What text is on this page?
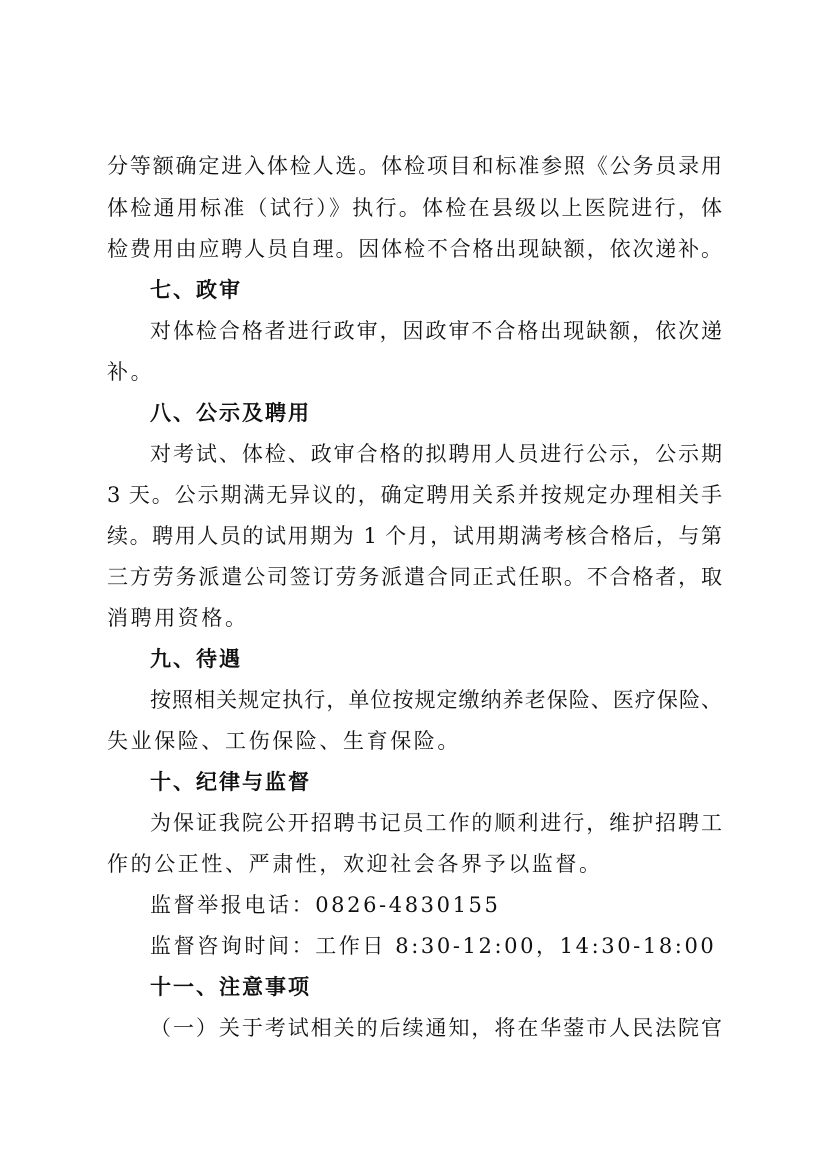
分等额确定进入体检人选。体检项目和标准参照《公务员录用
体检通用标准（试行）》执行。体检在县级以上医院进行，体
检费用由应聘人员自理。因体检不合格出现缺额，依次递补。
七、政审
对体检合格者进行政审，因政审不合格出现缺额，依次递
补。
八、公示及聘用
对考试、体检、政审合格的拟聘用人员进行公示，公示期
3 天。公示期满无异议的，确定聘用关系并按规定办理相关手
续。聘用人员的试用期为 1 个月，试用期满考核合格后，与第
三方劳务派遣公司签订劳务派遣合同正式任职。不合格者，取
消聘用资格。
九、待遇
按照相关规定执行，单位按规定缴纳养老保险、医疗保险、
失业保险、工伤保险、生育保险。
十、纪律与监督
为保证我院公开招聘书记员工作的顺利进行，维护招聘工
作的公正性、严肃性，欢迎社会各界予以监督。
监督举报电话：0826-4830155
监督咨询时间：工作日 8:30-12:00，14:30-18:00
十一、注意事项
（一）关于考试相关的后续通知，将在华蓥市人民法院官
